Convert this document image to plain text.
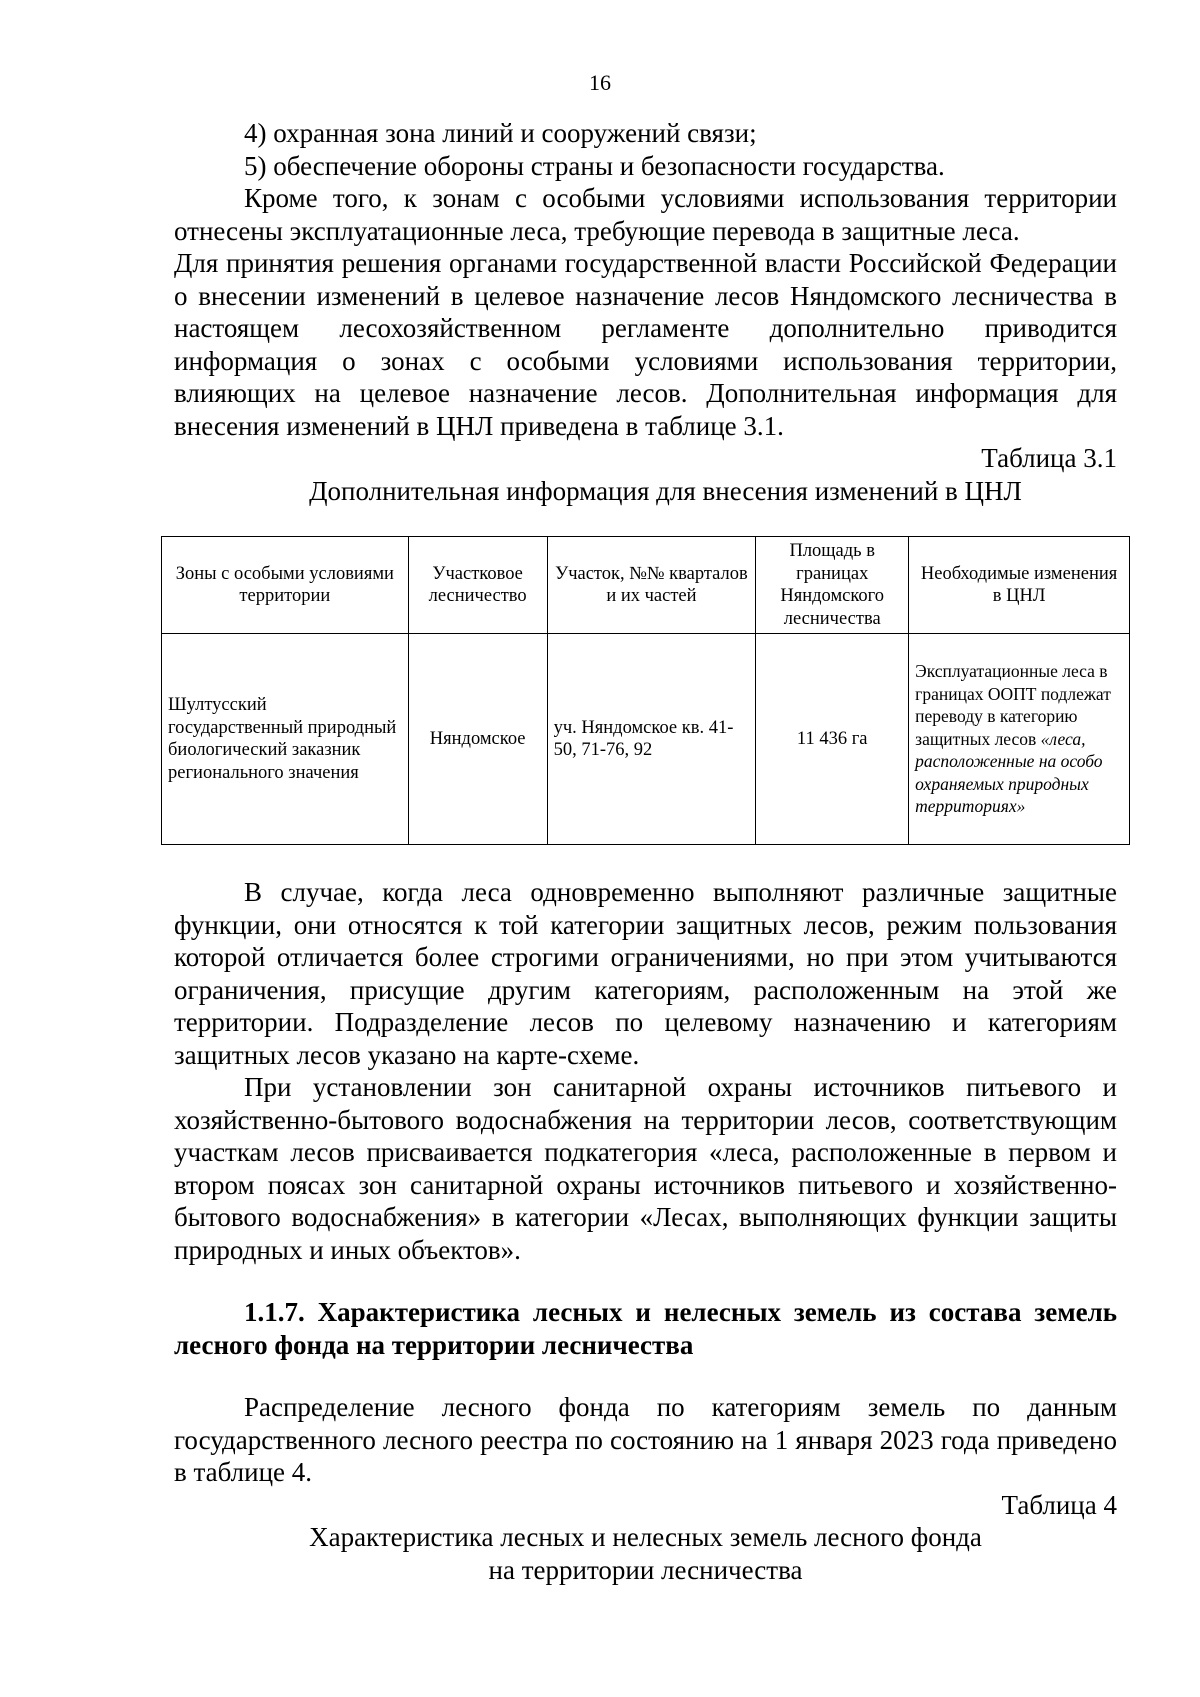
16

4) охранная зона линий и сооружений связи;

5) обеспечение обороны страны и безопасности государства.

Кроме того, к зонам с особыми условиями использования территории отнесены эксплуатационные леса, требующие перевода в защитные леса.

Для принятия решения органами государственной власти Российской Федерации о внесении изменений в целевое назначение лесов Няндомского лесничества в настоящем лесохозяйственном регламенте дополнительно приводится информация о зонах с особыми условиями использования территории, влияющих на целевое назначение лесов. Дополнительная информация для внесения изменений в ЦНЛ приведена в таблице 3.1.

Таблица 3.1

Дополнительная информация для внесения изменений в ЦНЛ

Зоны с особыми условиями территории	Участковое лесничество	Участок, №№ кварталов и их частей	Площадь в границах Няндомского лесничества	Необходимые изменения в ЦНЛ
Шултусский государственный природный биологический заказник регионального значения	Няндомское	уч. Няндомское кв. 41-50, 71-76, 92	11 436 га	Эксплуатационные леса в границах ООПТ подлежат переводу в категорию защитных лесов «леса, расположенные на особо охраняемых природных территориях»

В случае, когда леса одновременно выполняют различные защитные функции, они относятся к той категории защитных лесов, режим пользования которой отличается более строгими ограничениями, но при этом учитываются ограничения, присущие другим категориям, расположенным на этой же территории. Подразделение лесов по целевому назначению и категориям защитных лесов указано на карте-схеме.

При установлении зон санитарной охраны источников питьевого и хозяйственно-бытового водоснабжения на территории лесов, соответствующим участкам лесов присваивается подкатегория «леса, расположенные в первом и втором поясах зон санитарной охраны источников питьевого и хозяйственно-бытового водоснабжения» в категории «Лесах, выполняющих функции защиты природных и иных объектов».

1.1.7. Характеристика лесных и нелесных земель из состава земель лесного фонда на территории лесничества

Распределение лесного фонда по категориям земель по данным государственного лесного реестра по состоянию на 1 января 2023 года приведено в таблице 4.

Таблица 4

Характеристика лесных и нелесных земель лесного фонда

на территории лесничества
